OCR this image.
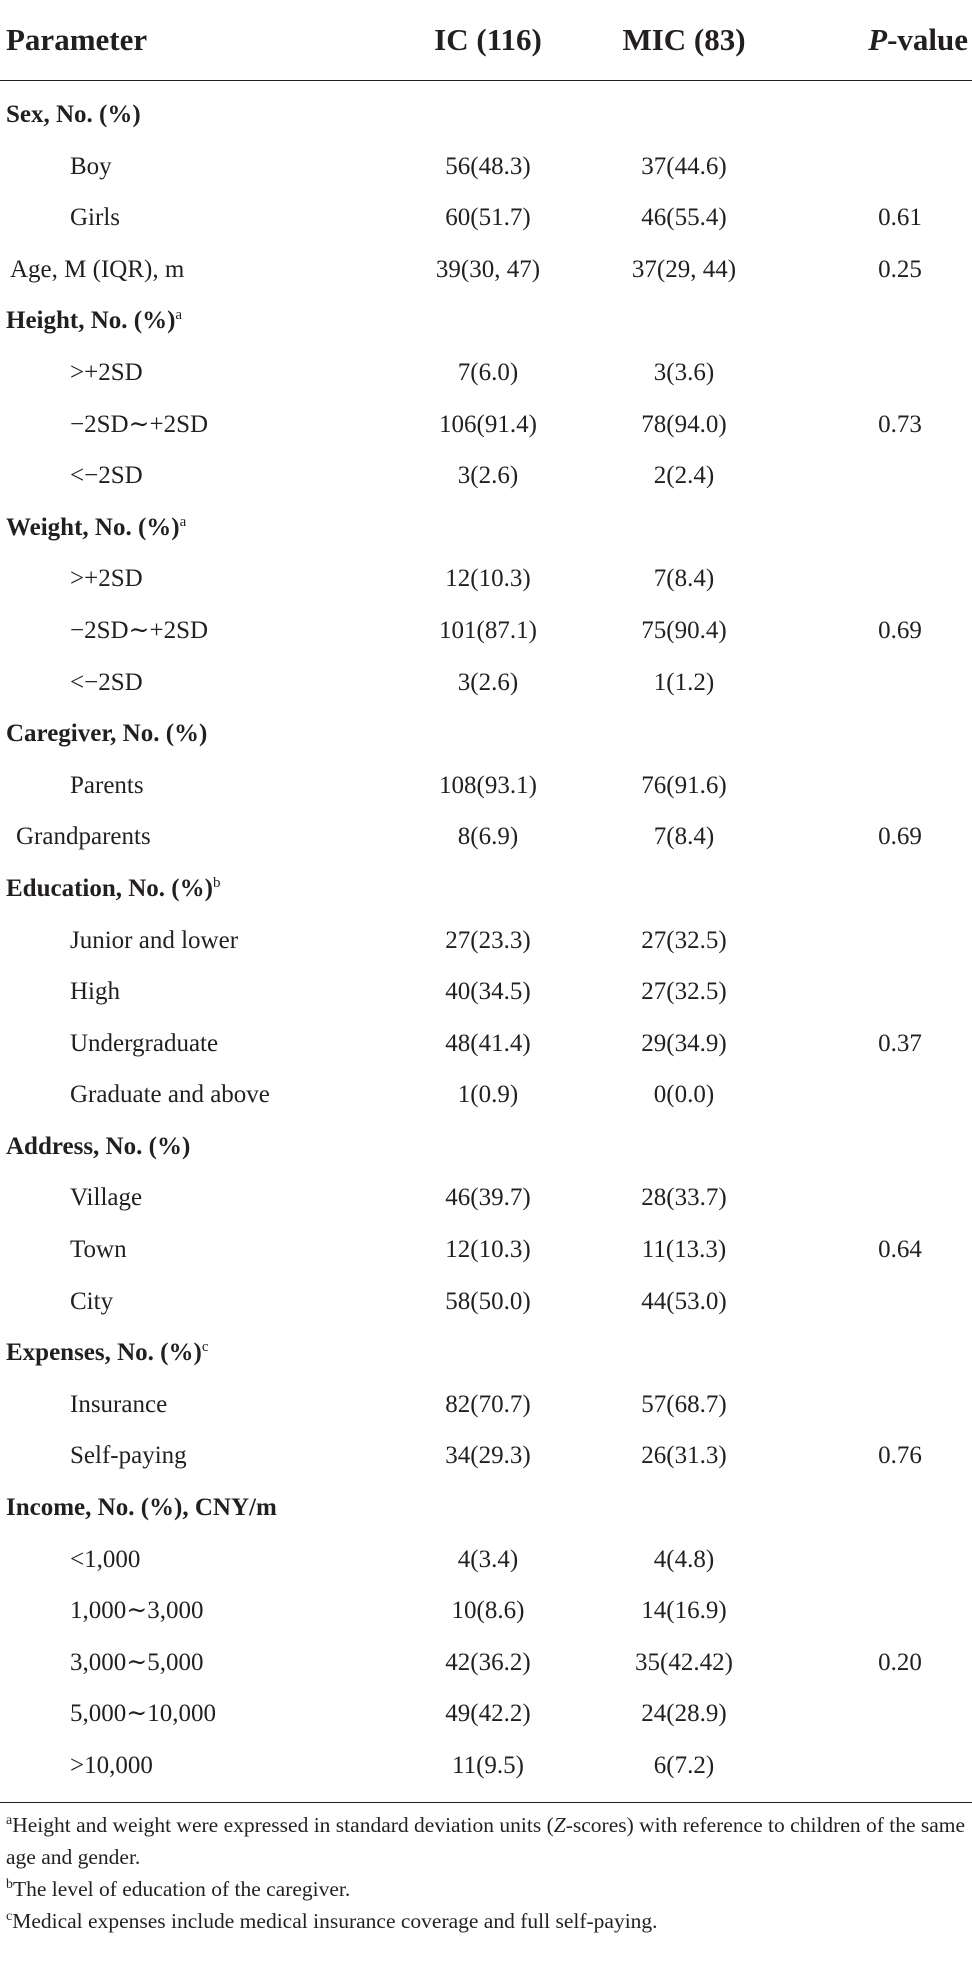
Parameter	IC (116)	MIC (83)	P-value
Sex, No. (%)
Boy	56(48.3)	37(44.6)
Girls	60(51.7)	46(55.4)	0.61
Age, M (IQR), m	39(30, 47)	37(29, 44)	0.25
Height, No. (%)$^a$
>+2SD	7(6.0)	3(3.6)
−2SD∼+2SD	106(91.4)	78(94.0)	0.73
<−2SD	3(2.6)	2(2.4)
Weight, No. (%)$^a$
>+2SD	12(10.3)	7(8.4)
−2SD∼+2SD	101(87.1)	75(90.4)	0.69
<−2SD	3(2.6)	1(1.2)
Caregiver, No. (%)
Parents	108(93.1)	76(91.6)
Grandparents	8(6.9)	7(8.4)	0.69
Education, No. (%)$^b$
Junior and lower	27(23.3)	27(32.5)
High	40(34.5)	27(32.5)
Undergraduate	48(41.4)	29(34.9)	0.37
Graduate and above	1(0.9)	0(0.0)
Address, No. (%)
Village	46(39.7)	28(33.7)
Town	12(10.3)	11(13.3)	0.64
City	58(50.0)	44(53.0)
Expenses, No. (%)$^c$
Insurance	82(70.7)	57(68.7)
Self-paying	34(29.3)	26(31.3)	0.76
Income, No. (%), CNY/m
<1,000	4(3.4)	4(4.8)
1,000∼3,000	10(8.6)	14(16.9)
3,000∼5,000	42(36.2)	35(42.42)	0.20
5,000∼10,000	49(42.2)	24(28.9)
>10,000	11(9.5)	6(7.2)
$^a$Height and weight were expressed in standard deviation units (Z-scores) with reference to children of the same age and gender.
$^b$The level of education of the caregiver.
$^c$Medical expenses include medical insurance coverage and full self-paying.
